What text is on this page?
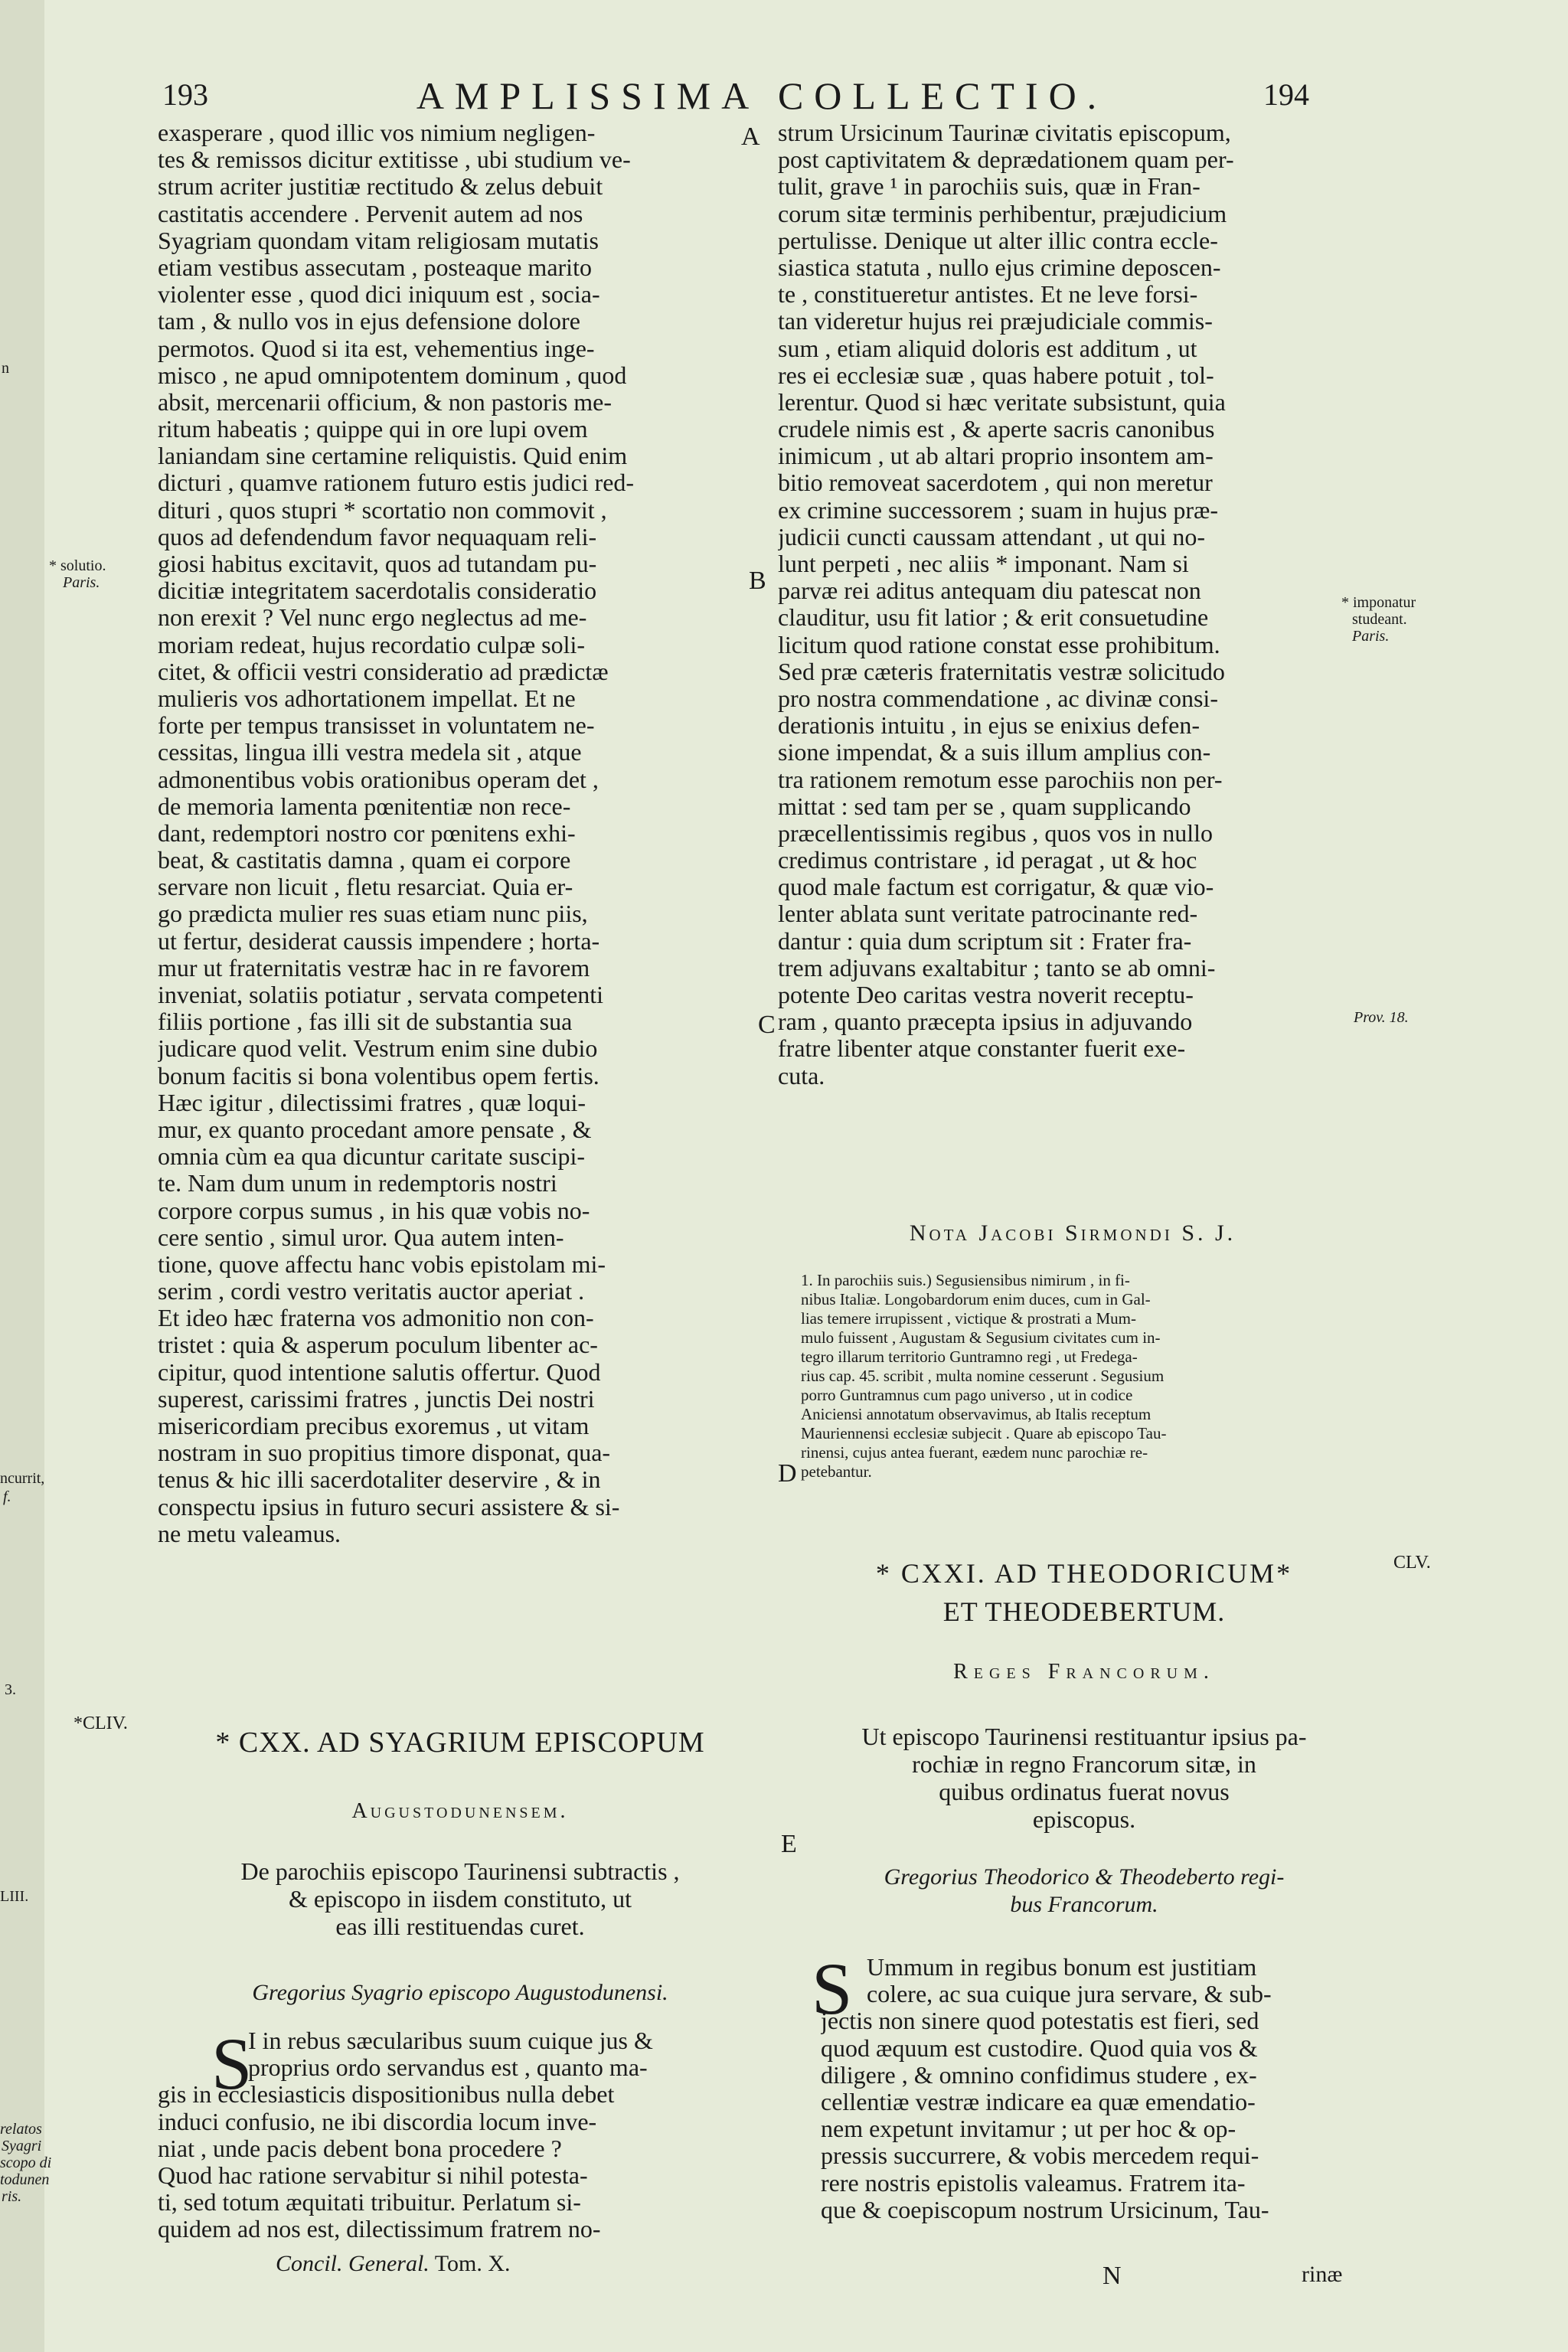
193	AMPLISSIMA COLLECTIO.	194
A
B
C
D
E
exasperare , quod illic vos nimium negligen-
tes & remissos dicitur extitisse , ubi studium ve-
strum acriter justitiæ rectitudo & zelus debuit
castitatis accendere . Pervenit autem ad nos
Syagriam quondam vitam religiosam mutatis
etiam vestibus assecutam , posteaque marito
violenter esse , quod dici iniquum est , socia-
tam , & nullo vos in ejus defensione dolore
permotos. Quod si ita est, vehementius inge-
misco , ne apud omnipotentem dominum , quod
absit, mercenarii officium, & non pastoris me-
ritum habeatis ; quippe qui in ore lupi ovem
laniandam sine certamine reliquistis. Quid enim
dicturi , quamve rationem futuro estis judici red-
dituri , quos stupri * scortatio non commovit ,
quos ad defendendum favor nequaquam reli-
giosi habitus excitavit, quos ad tutandam pu-
dicitiæ integritatem sacerdotalis consideratio
non erexit ? Vel nunc ergo neglectus ad me-
moriam redeat, hujus recordatio culpæ soli-
citet, & officii vestri consideratio ad prædictæ
mulieris vos adhortationem impellat. Et ne
forte per tempus transisset in voluntatem ne-
cessitas, lingua illi vestra medela sit , atque
admonentibus vobis orationibus operam det ,
de memoria lamenta pœnitentiæ non rece-
dant, redemptori nostro cor pœnitens exhi-
beat, & castitatis damna , quam ei corpore
servare non licuit , fletu resarciat. Quia er-
go prædicta mulier res suas etiam nunc piis,
ut fertur, desiderat caussis impendere ; horta-
mur ut fraternitatis vestræ hac in re favorem
inveniat, solatiis potiatur , servata competenti
filiis portione , fas illi sit de substantia sua
judicare quod velit. Vestrum enim sine dubio
bonum facitis si bona volentibus opem fertis.
Hæc igitur , dilectissimi fratres , quæ loqui-
mur, ex quanto procedant amore pensate , &
omnia cùm ea qua dicuntur caritate suscipi-
te. Nam dum unum in redemptoris nostri
corpore corpus sumus , in his quæ vobis no-
cere sentio , simul uror. Qua autem inten-
tione, quove affectu hanc vobis epistolam mi-
serim , cordi vestro veritatis auctor aperiat .
Et ideo hæc fraterna vos admonitio non con-
tristet : quia & asperum poculum libenter ac-
cipitur, quod intentione salutis offertur. Quod
superest, carissimi fratres , junctis Dei nostri
misericordiam precibus exoremus , ut vitam
nostram in suo propitius timore disponat, qua-
tenus & hic illi sacerdotaliter deservire , & in
conspectu ipsius in futuro securi assistere & si-
ne metu valeamus.
* CXX. AD SYAGRIUM EPISCOPUM
Augustodunensem.
De parochiis episcopo Taurinensi subtractis ,
& episcopo in iisdem constituto, ut
eas illi restituendas curet.
Gregorius Syagrio episcopo Augustodunensi.
S
I in rebus sæcularibus suum cuique jus &
proprius ordo servandus est , quanto ma-
gis in ecclesiasticis dispositionibus nulla debet
induci confusio, ne ibi discordia locum inve-
niat , unde pacis debent bona procedere ?
Quod hac ratione servabitur si nihil potesta-
ti, sed totum æquitati tribuitur. Perlatum si-
quidem ad nos est, dilectissimum fratrem no-
Concil. General. Tom. X.
strum Ursicinum Taurinæ civitatis episcopum,
post captivitatem & deprædationem quam per-
tulit, grave ¹ in parochiis suis, quæ in Fran-
corum sitæ terminis perhibentur, præjudicium
pertulisse. Denique ut alter illic contra eccle-
siastica statuta , nullo ejus crimine deposcen-
te , constitueretur antistes. Et ne leve forsi-
tan videretur hujus rei præjudiciale commis-
sum , etiam aliquid doloris est additum , ut
res ei ecclesiæ suæ , quas habere potuit , tol-
lerentur. Quod si hæc veritate subsistunt, quia
crudele nimis est , & aperte sacris canonibus
inimicum , ut ab altari proprio insontem am-
bitio removeat sacerdotem , qui non meretur
ex crimine successorem ; suam in hujus præ-
judicii cuncti caussam attendant , ut qui no-
lunt perpeti , nec aliis * imponant. Nam si
parvæ rei aditus antequam diu patescat non
clauditur, usu fit latior ; & erit consuetudine
licitum quod ratione constat esse prohibitum.
Sed præ cæteris fraternitatis vestræ solicitudo
pro nostra commendatione , ac divinæ consi-
derationis intuitu , in ejus se enixius defen-
sione impendat, & a suis illum amplius con-
tra rationem remotum esse parochiis non per-
mittat : sed tam per se , quam supplicando
præcellentissimis regibus , quos vos in nullo
credimus contristare , id peragat , ut & hoc
quod male factum est corrigatur, & quæ vio-
lenter ablata sunt veritate patrocinante red-
dantur : quia dum scriptum sit : Frater fra-
trem adjuvans exaltabitur ; tanto se ab omni-
potente Deo caritas vestra noverit receptu-
ram , quanto præcepta ipsius in adjuvando
fratre libenter atque constanter fuerit exe-
cuta.
Nota Jacobi Sirmondi S. J.
1. In parochiis suis.) Segusiensibus nimirum , in fi-
nibus Italiæ. Longobardorum enim duces, cum in Gal-
lias temere irrupissent , victique & prostrati a Mum-
mulo fuissent , Augustam & Segusium civitates cum in-
tegro illarum territorio Guntramno regi , ut Fredega-
rius cap. 45. scribit , multa nomine cesserunt . Segusium
porro Guntramnus cum pago universo , ut in codice
Aniciensi annotatum observavimus, ab Italis receptum
Mauriennensi ecclesiæ subjecit . Quare ab episcopo Tau-
rinensi, cujus antea fuerant, eædem nunc parochiæ re-
petebantur.
* CXXI. AD THEODORICUM*
ET THEODEBERTUM.
Reges Francorum.
Ut episcopo Taurinensi restituantur ipsius pa-
rochiæ in regno Francorum sitæ, in
quibus ordinatus fuerat novus
episcopus.
Gregorius Theodorico & Theodeberto regi-
bus Francorum.
S Ummum in regibus bonum est justitiam
colere, ac sua cuique jura servare, & sub-
jectis non sinere quod potestatis est fieri, sed
quod æquum est custodire. Quod quia vos &
diligere , & omnino confidimus studere , ex-
cellentiæ vestræ indicare ea quæ emendatio-
nem expetunt invitamur ; ut per hoc & op-
pressis succurrere, & vobis mercedem requi-
rere nostris epistolis valeamus. Fratrem ita-
que & coepiscopum nostrum Ursicinum, Tau-
N	rinæ
* solutio.
Paris.
* imponatur
studeant.
Paris.
Prov. 18.
*CLIV.
CLV.
n
ncurrit,
f.
3.
LIII.
relatos
Syagri
scopo di
todunen
ris.
